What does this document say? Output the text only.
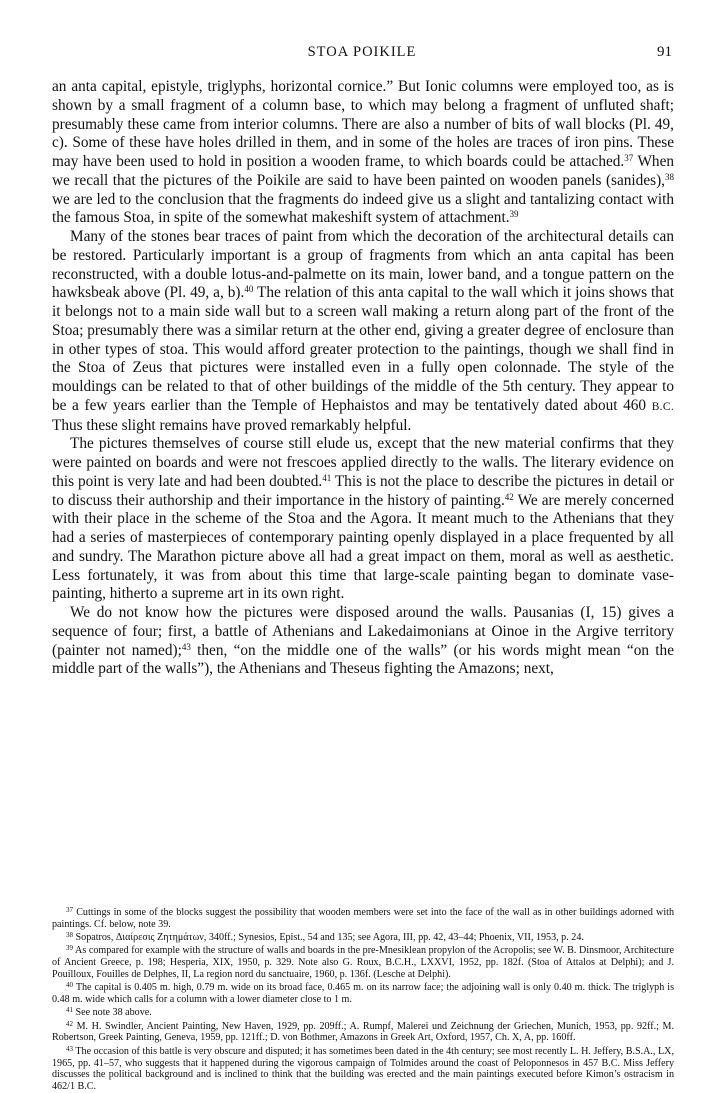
STOA POIKILE	91

an anta capital, epistyle, triglyphs, horizontal cornice.” But Ionic columns were employed too, as is shown by a small fragment of a column base, to which may belong a fragment of unfluted shaft; presumably these came from interior columns. There are also a number of bits of wall blocks (Pl. 49, c). Some of these have holes drilled in them, and in some of the holes are traces of iron pins. These may have been used to hold in position a wooden frame, to which boards could be attached.$^{37}$ When we recall that the pictures of the Poikile are said to have been painted on wooden panels (sanides),$^{38}$ we are led to the conclusion that the fragments do indeed give us a slight and tantalizing contact with the famous Stoa, in spite of the somewhat makeshift system of attachment.$^{39}$

Many of the stones bear traces of paint from which the decoration of the architectural details can be restored. Particularly important is a group of fragments from which an anta capital has been reconstructed, with a double lotus-and-palmette on its main, lower band, and a tongue pattern on the hawksbeak above (Pl. 49, a, b).$^{40}$ The relation of this anta capital to the wall which it joins shows that it belongs not to a main side wall but to a screen wall making a return along part of the front of the Stoa; presumably there was a similar return at the other end, giving a greater degree of enclosure than in other types of stoa. This would afford greater protection to the paintings, though we shall find in the Stoa of Zeus that pictures were installed even in a fully open colonnade. The style of the mouldings can be related to that of other buildings of the middle of the 5th century. They appear to be a few years earlier than the Temple of Hephaistos and may be tentatively dated about 460 B.C. Thus these slight remains have proved remarkably helpful.

The pictures themselves of course still elude us, except that the new material confirms that they were painted on boards and were not frescoes applied directly to the walls. The literary evidence on this point is very late and had been doubted.$^{41}$ This is not the place to describe the pictures in detail or to discuss their authorship and their importance in the history of painting.$^{42}$ We are merely concerned with their place in the scheme of the Stoa and the Agora. It meant much to the Athenians that they had a series of masterpieces of contemporary painting openly displayed in a place frequented by all and sundry. The Marathon picture above all had a great impact on them, moral as well as aesthetic. Less fortunately, it was from about this time that large-scale painting began to dominate vase-painting, hitherto a supreme art in its own right.

We do not know how the pictures were disposed around the walls. Pausanias (I, 15) gives a sequence of four; first, a battle of Athenians and Lakedaimonians at Oinoe in the Argive territory (painter not named);$^{43}$ then, “on the middle one of the walls” (or his words might mean “on the middle part of the walls”), the Athenians and Theseus fighting the Amazons; next,

$^{37}$ Cuttings in some of the blocks suggest the possibility that wooden members were set into the face of the wall as in other buildings adorned with paintings. Cf. below, note 39.

$^{38}$ Sopatros, Διαίρεσις Ζητημάτων, 340ff.; Synesios, Epist., 54 and 135; see Agora, III, pp. 42, 43–44; Phoenix, VII, 1953, p. 24.

$^{39}$ As compared for example with the structure of walls and boards in the pre-Mnesiklean propylon of the Acropolis; see W. B. Dinsmoor, Architecture of Ancient Greece, p. 198; Hesperia, XIX, 1950, p. 329. Note also G. Roux, B.C.H., LXXVI, 1952, pp. 182f. (Stoa of Attalos at Delphi); and J. Pouilloux, Fouilles de Delphes, II, La region nord du sanctuaire, 1960, p. 136f. (Lesche at Delphi).

$^{40}$ The capital is 0.405 m. high, 0.79 m. wide on its broad face, 0.465 m. on its narrow face; the adjoining wall is only 0.40 m. thick. The triglyph is 0.48 m. wide which calls for a column with a lower diameter close to 1 m.

$^{41}$ See note 38 above.

$^{42}$ M. H. Swindler, Ancient Painting, New Haven, 1929, pp. 209ff.; A. Rumpf, Malerei und Zeichnung der Griechen, Munich, 1953, pp. 92ff.; M. Robertson, Greek Painting, Geneva, 1959, pp. 121ff.; D. von Bothmer, Amazons in Greek Art, Oxford, 1957, Ch. X, A, pp. 160ff.

$^{43}$ The occasion of this battle is very obscure and disputed; it has sometimes been dated in the 4th century; see most recently L. H. Jeffery, B.S.A., LX, 1965, pp. 41–57, who suggests that it happened during the vigorous campaign of Tolmides around the coast of Peloponnesos in 457 B.C. Miss Jeffery discusses the political background and is inclined to think that the building was erected and the main paintings executed before Kimon’s ostracism in 462/1 B.C.
